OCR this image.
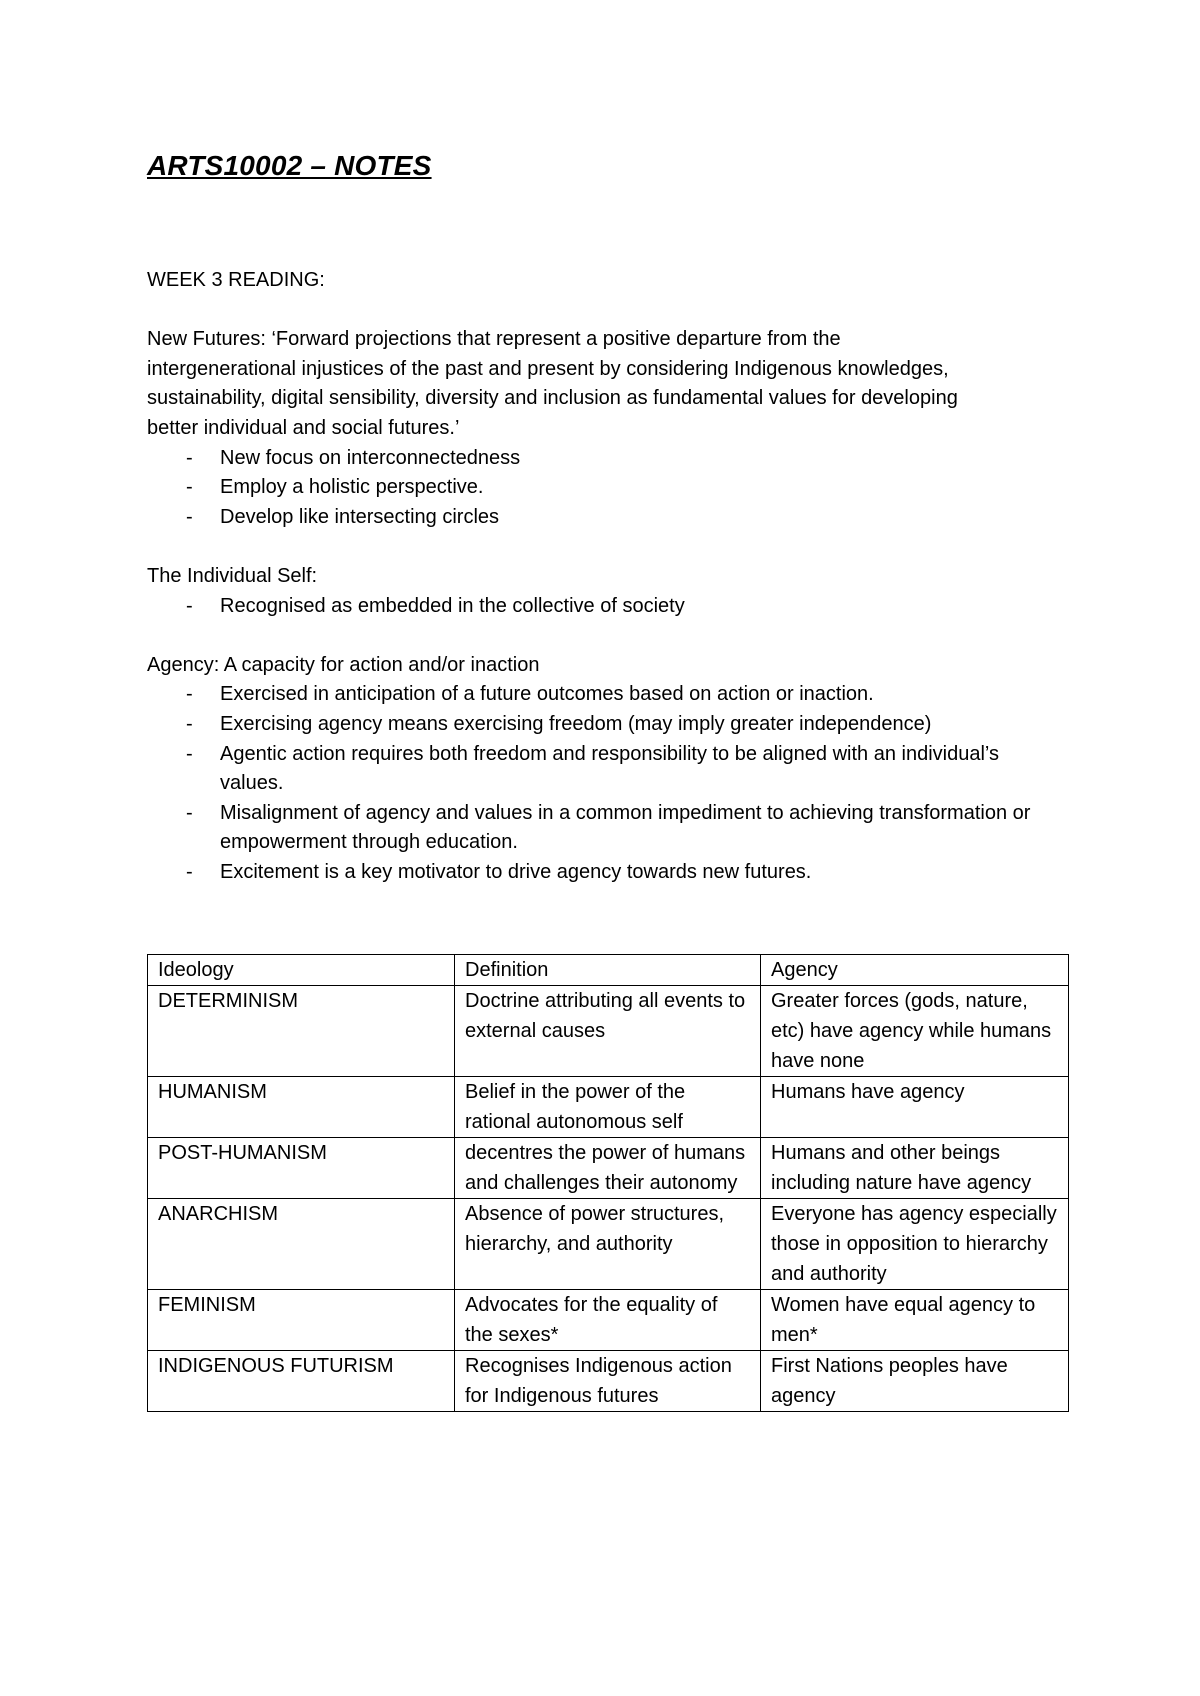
ARTS10002 – NOTES

WEEK 3 READING:

New Futures: ‘Forward projections that represent a positive departure from the

intergenerational injustices of the past and present by considering Indigenous knowledges,

sustainability, digital sensibility, diversity and inclusion as fundamental values for developing

better individual and social futures.’

- New focus on interconnectedness
- Employ a holistic perspective.
- Develop like intersecting circles

The Individual Self:

- Recognised as embedded in the collective of society

Agency: A capacity for action and/or inaction

- Exercised in anticipation of a future outcomes based on action or inaction.
- Exercising agency means exercising freedom (may imply greater independence)
- Agentic action requires both freedom and responsibility to be aligned with an individual’s values.
- Misalignment of agency and values in a common impediment to achieving transformation or empowerment through education.
- Excitement is a key motivator to drive agency towards new futures.
Ideology	Definition	Agency
DETERMINISM	Doctrine attributing all events to external causes	Greater forces (gods, nature, etc) have agency while humans have none
HUMANISM	Belief in the power of the rational autonomous self	Humans have agency
POST-HUMANISM	decentres the power of humans and challenges their autonomy	Humans and other beings including nature have agency
ANARCHISM	Absence of power structures, hierarchy, and authority	Everyone has agency especially those in opposition to hierarchy and authority
FEMINISM	Advocates for the equality of the sexes*	Women have equal agency to men*
INDIGENOUS FUTURISM	Recognises Indigenous action for Indigenous futures	First Nations peoples have agency
